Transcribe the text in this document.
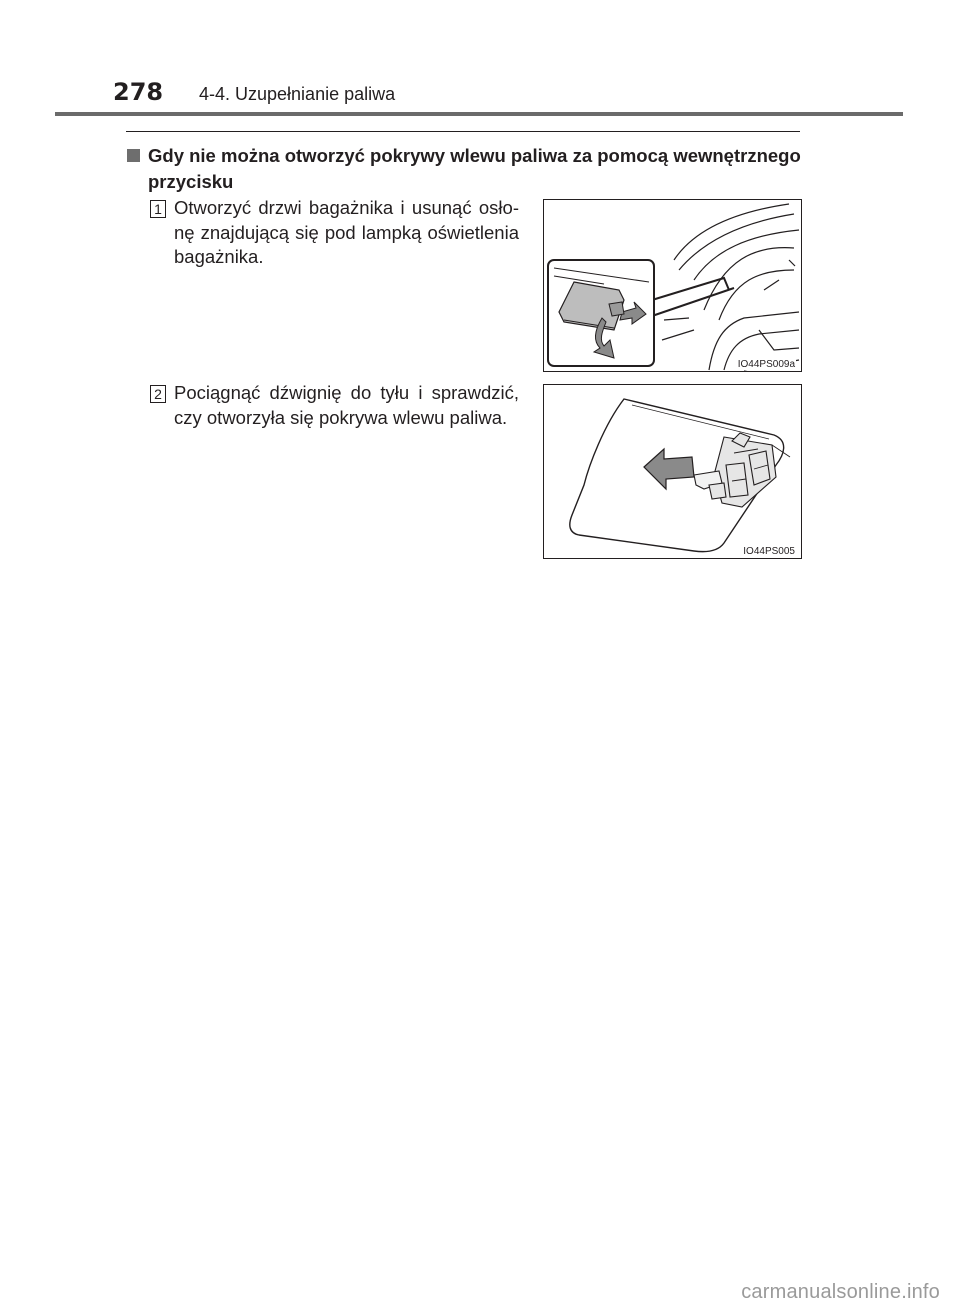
278 4-4. Uzupełnianie paliwa
Gdy nie można otworzyć pokrywy wlewu paliwa za pomocą wewnętrznego przycisku
1 Otworzyć drzwi bagażnika i usunąć osło-nę znajdującą się pod lampką oświetlenia bagażnika.
IO44PS009a
2 Pociągnąć dźwignię do tyłu i sprawdzić, czy otworzyła się pokrywa wlewu paliwa.
IO44PS005
carmanualsonline.info
